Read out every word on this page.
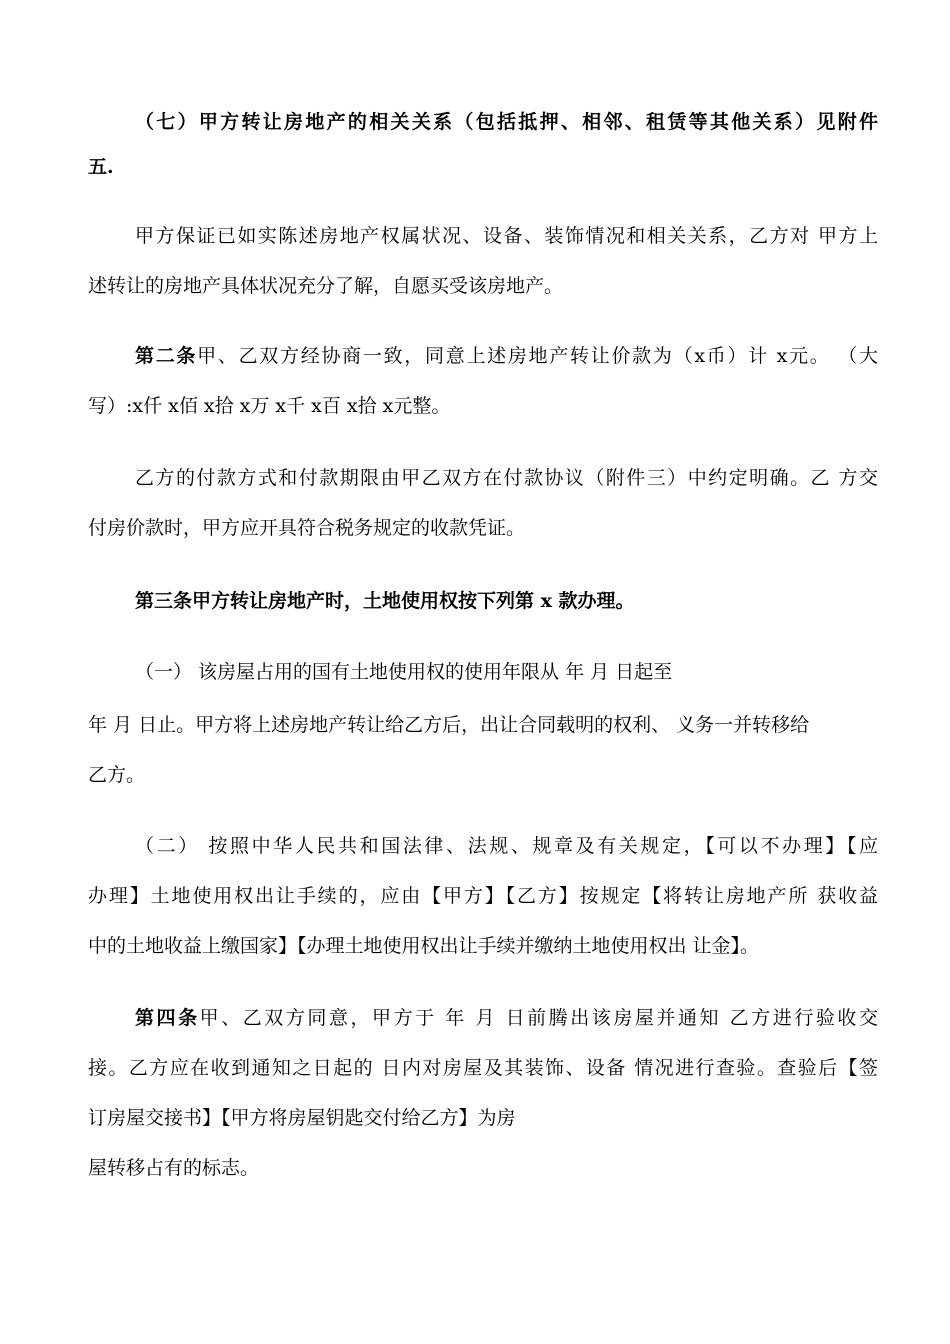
（七）甲方转让房地产的相关关系（包括抵押、相邻、租赁等其他关系）见附件
五.
甲方保证已如实陈述房地产权属状况、设备、装饰情况和相关关系，乙方对 甲方上
述转让的房地产具体状况充分了解，自愿买受该房地产。
第二条甲、乙双方经协商一致，同意上述房地产转让价款为（x币）计 x元。 （大
写）:x仟 x佰 x拾 x万 x千 x百 x拾 x元整。
乙方的付款方式和付款期限由甲乙双方在付款协议（附件三）中约定明确。乙 方交
付房价款时，甲方应开具符合税务规定的收款凭证。
第三条甲方转让房地产时，土地使用权按下列第 x 款办理。
（一） 该房屋占用的国有土地使用权的使用年限从 年 月 日起至
年 月 日止。甲方将上述房地产转让给乙方后，出让合同载明的权利、 义务一并转移给
乙方。
（二） 按照中华人民共和国法律、法规、规章及有关规定，【可以不办理】【应
办理】土地使用权出让手续的，应由【甲方】【乙方】按规定【将转让房地产所 获收益
中的土地收益上缴国家】【办理土地使用权出让手续并缴纳土地使用权出 让金】。
第四条甲、乙双方同意，甲方于 年 月 日前腾出该房屋并通知 乙方进行验收交
接。乙方应在收到通知之日起的 日内对房屋及其装饰、设备 情况进行查验。查验后【签
订房屋交接书】【甲方将房屋钥匙交付给乙方】为房
屋转移占有的标志。
